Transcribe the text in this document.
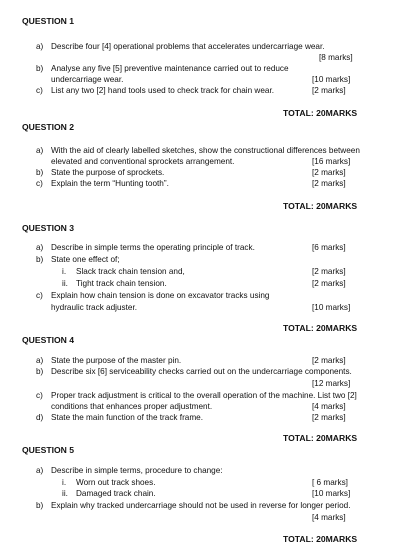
QUESTION 1
a) Describe four [4] operational problems that accelerates undercarriage wear.
[8 marks]
b) Analyse any five [5] preventive maintenance carried out to reduce
undercarriage wear.	[10 marks]
c) List any two [2] hand tools used to check track for chain wear.	[2 marks]
TOTAL: 20MARKS
QUESTION 2
a) With the aid of clearly labelled sketches, show the constructional differences between
elevated and conventional sprockets arrangement.	[16 marks]
b) State the purpose of sprockets.	[2 marks]
c) Explain the term “Hunting tooth”.	[2 marks]
TOTAL: 20MARKS
QUESTION 3
a) Describe in simple terms the operating principle of track.	[6 marks]
b) State one effect of;
i. Slack track chain tension and,	[2 marks]
ii. Tight track chain tension.	[2 marks]
c) Explain how chain tension is done on excavator tracks using
hydraulic track adjuster.	[10 marks]
TOTAL: 20MARKS
QUESTION 4
a) State the purpose of the master pin.	[2 marks]
b) Describe six [6] serviceability checks carried out on the undercarriage components.
[12 marks]
c) Proper track adjustment is critical to the overall operation of the machine. List two [2]
conditions that enhances proper adjustment.	[4 marks]
d) State the main function of the track frame.	[2 marks]
TOTAL: 20MARKS
QUESTION 5
a) Describe in simple terms, procedure to change:
i. Worn out track shoes.	[ 6 marks]
ii. Damaged track chain.	[10 marks]
b) Explain why tracked undercarriage should not be used in reverse for longer period.
[4 marks]
TOTAL: 20MARKS
